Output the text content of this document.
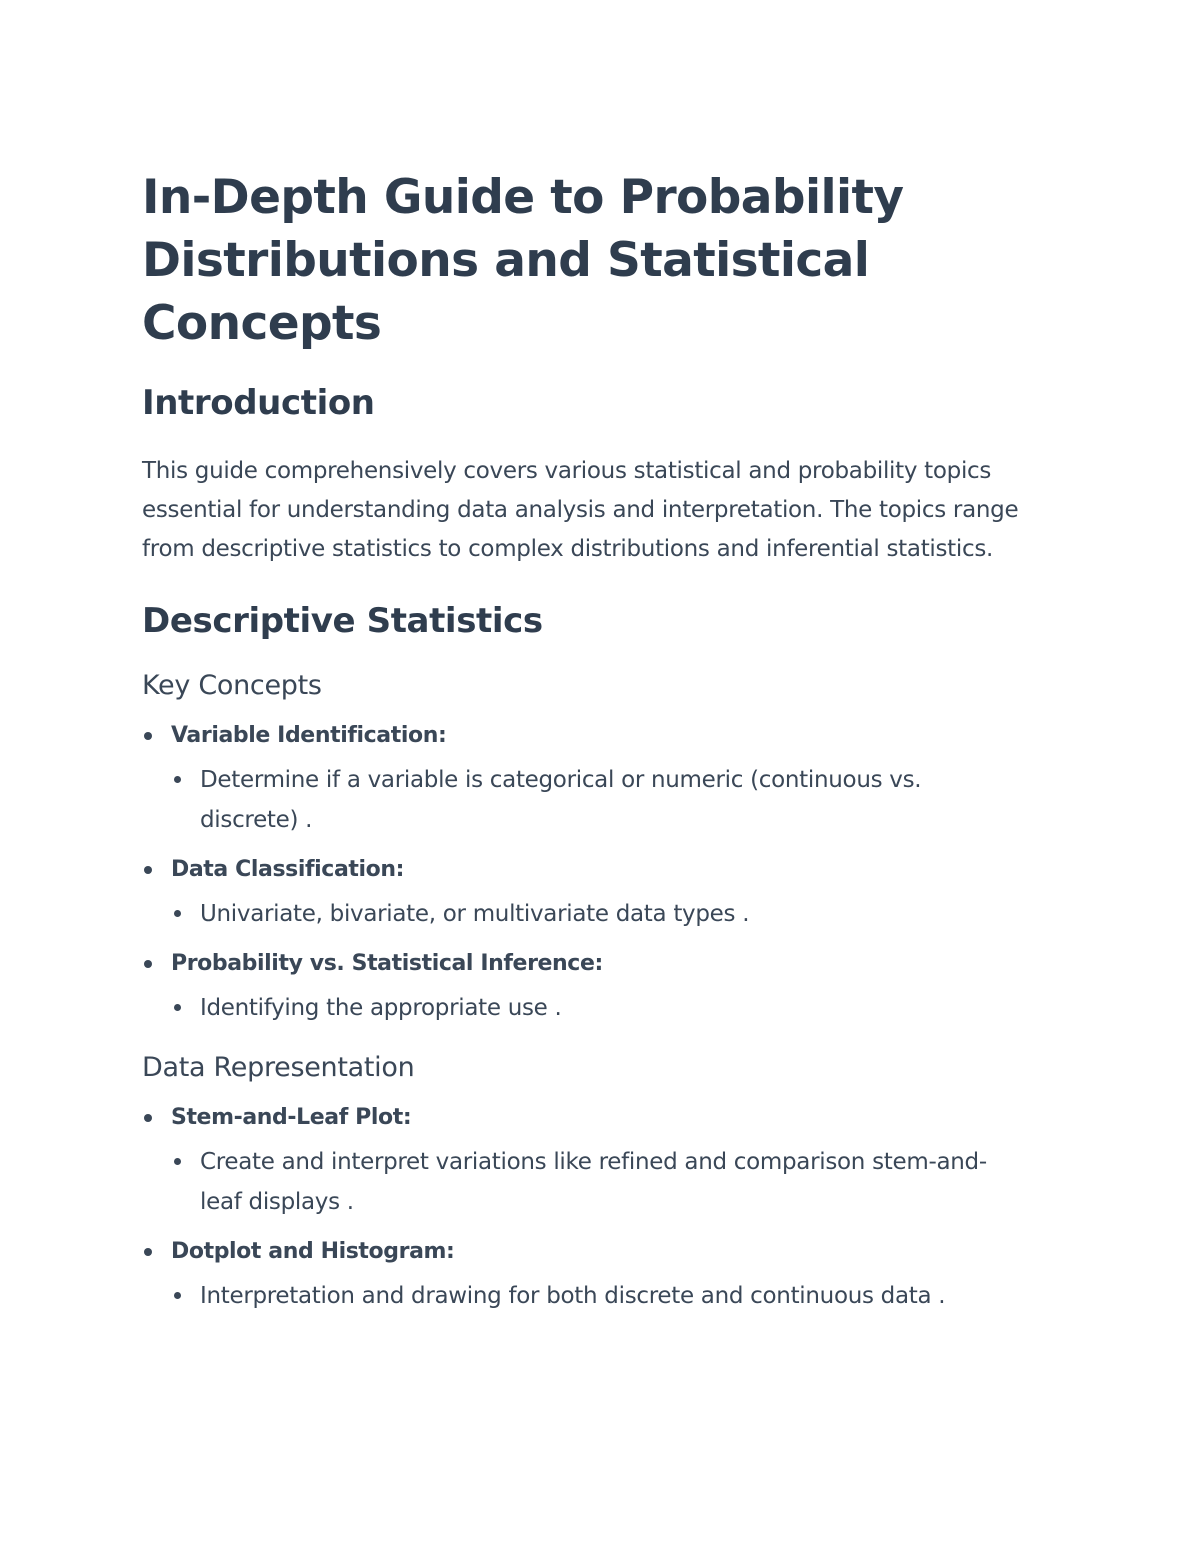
In-Depth Guide to Probability Distributions and Statistical Concepts
Introduction

This guide comprehensively covers various statistical and probability topics essential for understanding data analysis and interpretation. The topics range from descriptive statistics to complex distributions and inferential statistics.

Descriptive Statistics
Key Concepts
Variable Identification:
Determine if a variable is categorical or numeric (continuous vs. discrete) .
Data Classification:
Univariate, bivariate, or multivariate data types .
Probability vs. Statistical Inference:
Identifying the appropriate use .
Data Representation
Stem-and-Leaf Plot:
Create and interpret variations like refined and comparison stem-and-leaf displays .
Dotplot and Histogram:
Interpretation and drawing for both discrete and continuous data .
